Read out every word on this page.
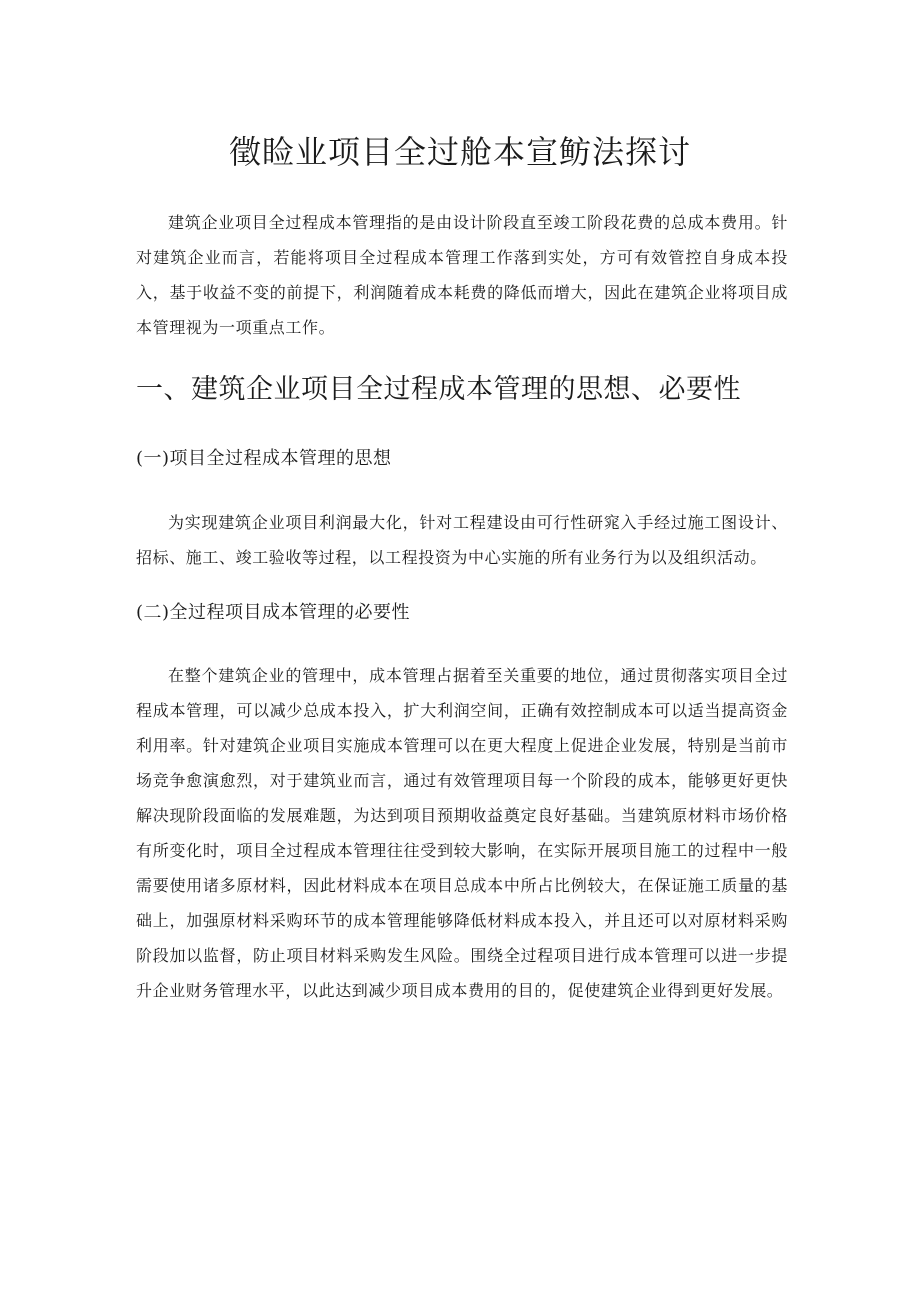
徵睑业项目全过舱本宣鲂法探讨

建筑企业项目全过程成本管理指的是由设计阶段直至竣工阶段花费的总成本费用。针对建筑企业而言，若能将项目全过程成本管理工作落到实处，方可有效管控自身成本投入，基于收益不变的前提下，利润随着成本耗费的降低而增大，因此在建筑企业将项目成本管理视为一项重点工作。

一、建筑企业项目全过程成本管理的思想、必要性
(一)项目全过程成本管理的思想

为实现建筑企业项目利润最大化，针对工程建设由可行性研窕入手经过施工图设计、招标、施工、竣工验收等过程，以工程投资为中心实施的所有业务行为以及组织活动。

(二)全过程项目成本管理的必要性

在整个建筑企业的管理中，成本管理占据着至关重要的地位，通过贯彻落实项目全过程成本管理，可以减少总成本投入，扩大利润空间，正确有效控制成本可以适当提高资金利用率。针对建筑企业项目实施成本管理可以在更大程度上促进企业发展，特别是当前市场竞争愈演愈烈，对于建筑业而言，通过有效管理项目每一个阶段的成本，能够更好更快解决现阶段面临的发展难题，为达到项目预期收益奠定良好基础。当建筑原材料市场价格有所变化时，项目全过程成本管理往往受到较大影响，在实际开展项目施工的过程中一般需要使用诸多原材料，因此材料成本在项目总成本中所占比例较大，在保证施工质量的基础上，加强原材料采购环节的成本管理能够降低材料成本投入，并且还可以对原材料采购阶段加以监督，防止项目材料采购发生风险。围绕全过程项目进行成本管理可以进一步提升企业财务管理水平，以此达到减少项目成本费用的目的，促使建筑企业得到更好发展。
